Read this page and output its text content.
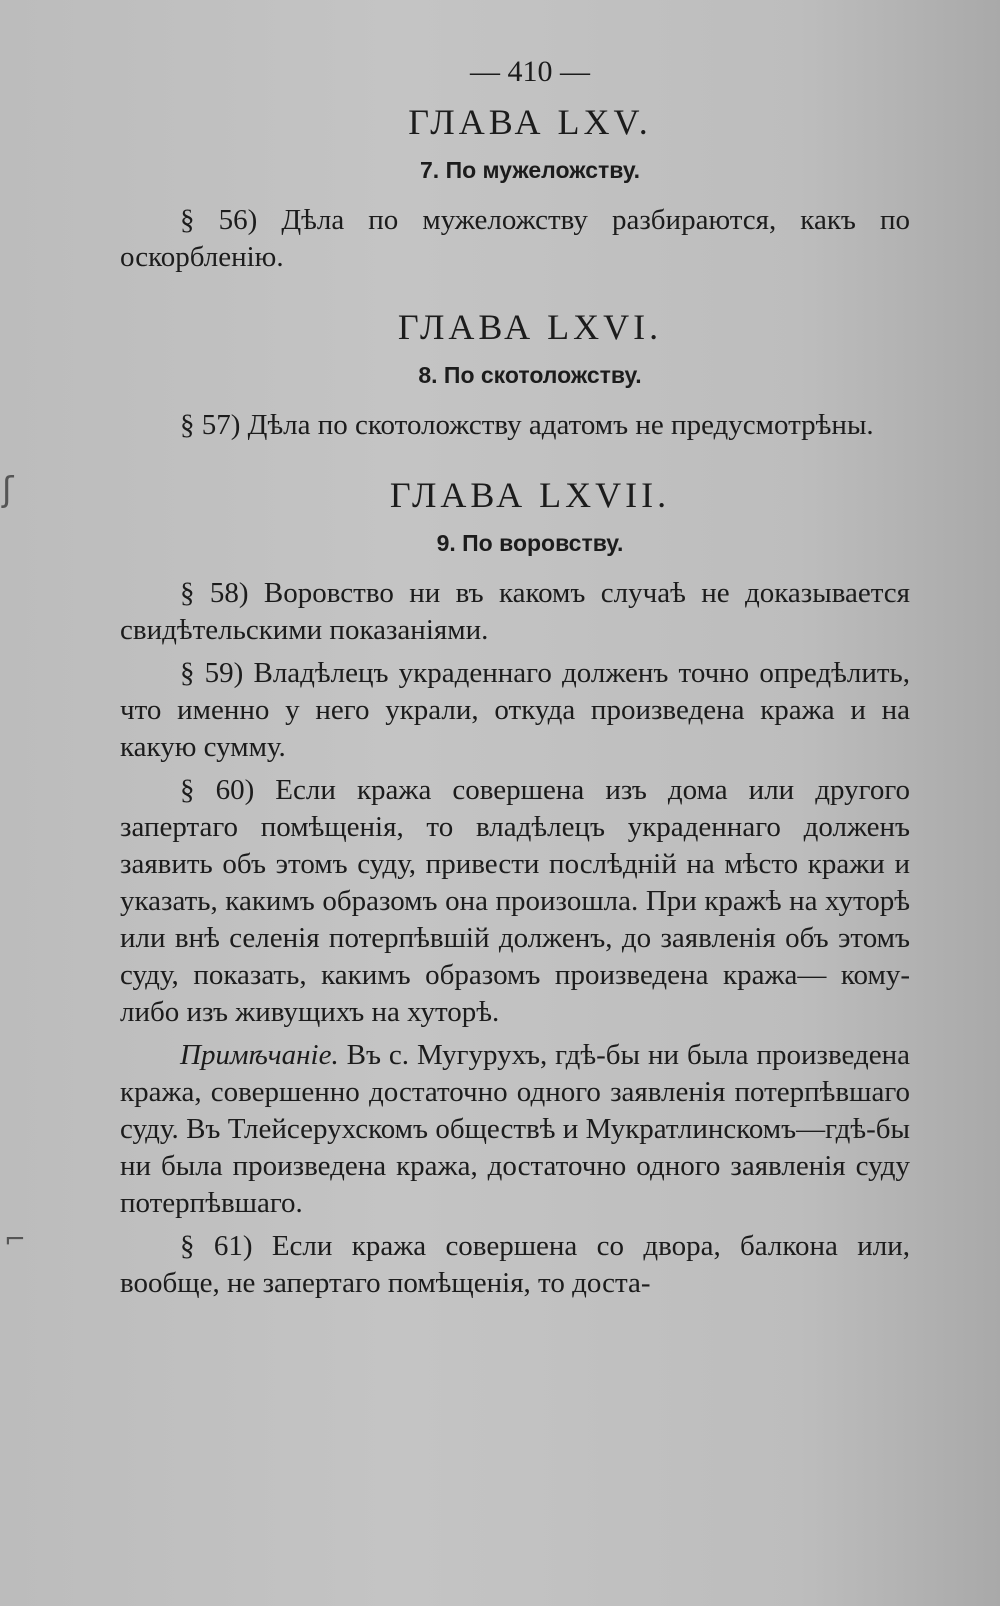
ʃ
⌐
— 410 —
ГЛАВА LXV.
7. По мужеложству.

§ 56) Дѣла по мужеложству разбираются, какъ по оскорбленію.

ГЛАВА LXVI.
8. По скотоложству.

§ 57) Дѣла по скотоложству адатомъ не предусмотрѣны.

ГЛАВА LXVII.
9. По воровству.

§ 58) Воровство ни въ какомъ случаѣ не доказывается свидѣтельскими показаніями.

§ 59) Владѣлецъ украденнаго долженъ точно опредѣлить, что именно у него украли, откуда произведена кража и на какую сумму.

§ 60) Если кража совершена изъ дома или другого запертаго помѣщенія, то владѣлецъ украденнаго долженъ заявить объ этомъ суду, привести послѣдній на мѣсто кражи и указать, какимъ образомъ она произошла. При кражѣ на хуторѣ или внѣ селенія потерпѣвшій долженъ, до заявленія объ этомъ суду, показать, какимъ образомъ произведена кража— кому-либо изъ живущихъ на хуторѣ.

Примѣчаніе. Въ с. Мугурухъ, гдѣ-бы ни была произведена кража, совершенно достаточно одного заявленія потерпѣвшаго суду. Въ Тлейсерухскомъ обществѣ и Мукратлинскомъ—гдѣ-бы ни была произведена кража, достаточно одного заявленія суду потерпѣвшаго.

§ 61) Если кража совершена со двора, балкона или, вообще, не запертаго помѣщенія, то доста-
